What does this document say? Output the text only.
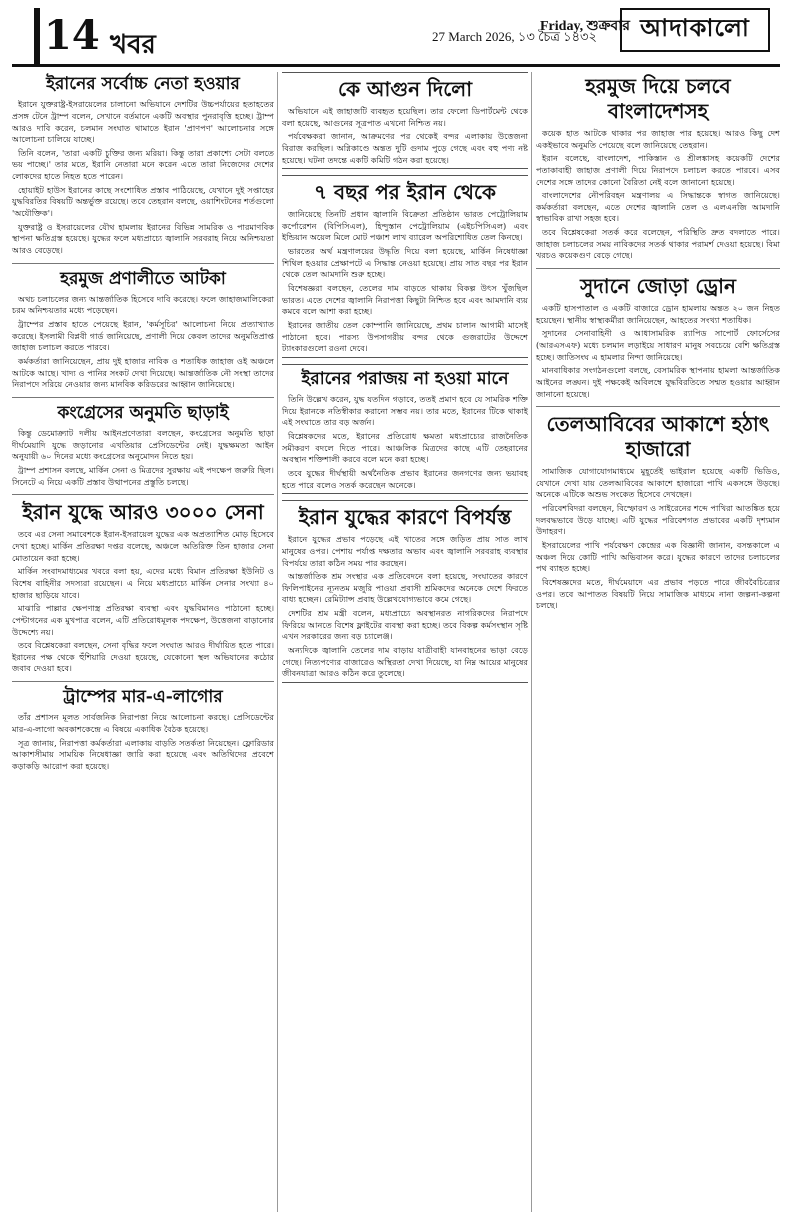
14 খবর	27 March 2026, ১৩ চৈত্র ১৪৩২
Friday, শুক্রবার আদাকালো
ইরানের সর্বোচ্চ নেতা হওয়ার

ইরানে যুক্তরাষ্ট্র-ইসরায়েলের চালানো অভিযানে দেশটির উচ্চপর্যায়ের হতাহতের প্রসঙ্গ টেনে ট্রাম্প বলেন, সেখানে বর্তমানে একটি অবস্থার পুনরাবৃত্তি হচ্ছে। ট্রাম্প আরও দাবি করেন, চলমান সংঘাত থামাতে ইরান 'প্রাণপণ' আলোচনার সঙ্গে আলোচনা চালিয়ে যাচ্ছে।

তিনি বলেন, 'তারা একটি চুক্তির জন্য মরিয়া। কিন্তু তারা প্রকাশ্যে সেটা বলতে ভয় পাচ্ছে।' তার মতে, ইরানি নেতারা মনে করেন এতে তারা নিজেদের দেশের লোকদের হাতে নিহত হতে পারেন।

হোয়াইট হাউস ইরানের কাছে সংশোধিত প্রস্তাব পাঠিয়েছে, যেখানে দুই সপ্তাহের যুদ্ধবিরতির বিষয়টি অন্তর্ভুক্ত রয়েছে। তবে তেহরান বলছে, ওয়াশিংটনের শর্তগুলো 'অযৌক্তিক'।

যুক্তরাষ্ট্র ও ইসরায়েলের যৌথ হামলায় ইরানের বিভিন্ন সামরিক ও পারমাণবিক স্থাপনা ক্ষতিগ্রস্ত হয়েছে। যুদ্ধের ফলে মধ্যপ্রাচ্যে জ্বালানি সরবরাহ নিয়ে অনিশ্চয়তা আরও বেড়েছে।

হরমুজ প্রণালীতে আটকা

অথচ চলাচলের জন্য আন্তর্জাতিক হিসেবে দাবি করেছে। ফলে জাহাজমালিকেরা চরম অনিশ্চয়তার মধ্যে পড়েছেন।

ট্রাম্পের প্রস্তাব হাতে পেয়েছে ইরান, 'কর্মসূচির' আলোচনা নিয়ে প্রত্যাখ্যাত করেছে। ইসলামী বিপ্লবী গার্ড জানিয়েছে, প্রণালী দিয়ে কেবল তাদের অনুমতিপ্রাপ্ত জাহাজ চলাচল করতে পারবে।

কর্মকর্তারা জানিয়েছেন, প্রায় দুই হাজার নাবিক ও শতাধিক জাহাজ ওই অঞ্চলে আটকে আছে। খাদ্য ও পানির সংকট দেখা দিয়েছে। আন্তর্জাতিক নৌ সংস্থা তাদের নিরাপদে সরিয়ে নেওয়ার জন্য মানবিক করিডরের আহ্বান জানিয়েছে।

কংগ্রেসের অনুমতি ছাড়াই

কিন্তু ডেমোক্র্যাট দলীয় আইনপ্রণেতারা বলছেন, কংগ্রেসের অনুমতি ছাড়া দীর্ঘমেয়াদি যুদ্ধে জড়ানোর এখতিয়ার প্রেসিডেন্টের নেই। যুদ্ধক্ষমতা আইন অনুযায়ী ৬০ দিনের মধ্যে কংগ্রেসের অনুমোদন নিতে হয়।

ট্রাম্প প্রশাসন বলছে, মার্কিন সেনা ও মিত্রদের সুরক্ষায় এই পদক্ষেপ জরুরি ছিল। সিনেটে এ নিয়ে একটি প্রস্তাব উত্থাপনের প্রস্তুতি চলছে।

ইরান যুদ্ধে আরও ৩০০০ সেনা

তবে এর সেনা সমাবেশকে ইরান-ইসরায়েল যুদ্ধের এক অপ্রত্যাশিত মোড় হিসেবে দেখা হচ্ছে। মার্কিন প্রতিরক্ষা দপ্তর বলেছে, অঞ্চলে অতিরিক্ত তিন হাজার সেনা মোতায়েন করা হচ্ছে।

মার্কিন সংবাদমাধ্যমের খবরে বলা হয়, এদের মধ্যে বিমান প্রতিরক্ষা ইউনিট ও বিশেষ বাহিনীর সদস্যরা রয়েছেন। এ নিয়ে মধ্যপ্রাচ্যে মার্কিন সেনার সংখ্যা ৪০ হাজার ছাড়িয়ে যাবে।

মাঝারি পাল্লার ক্ষেপণাস্ত্র প্রতিরক্ষা ব্যবস্থা এবং যুদ্ধবিমানও পাঠানো হচ্ছে। পেন্টাগনের এক মুখপাত্র বলেন, এটি প্রতিরোধমূলক পদক্ষেপ, উত্তেজনা বাড়ানোর উদ্দেশ্যে নয়।

তবে বিশ্লেষকেরা বলছেন, সেনা বৃদ্ধির ফলে সংঘাত আরও দীর্ঘায়িত হতে পারে। ইরানের পক্ষ থেকে হুঁশিয়ারি দেওয়া হয়েছে, যেকোনো স্থল অভিযানের কঠোর জবাব দেওয়া হবে।

ট্রাম্পের মার-এ-লাগোর

তাঁর প্রশাসন মূলত সার্বজনিক নিরাপত্তা নিয়ে আলোচনা করছে। প্রেসিডেন্টের মার-এ-লাগো অবকাশকেন্দ্রে এ বিষয়ে একাধিক বৈঠক হয়েছে।

সূত্র জানায়, নিরাপত্তা কর্মকর্তারা এলাকায় বাড়তি সতর্কতা নিয়েছেন। ফ্লোরিডার আকাশসীমায় সাময়িক নিষেধাজ্ঞা জারি করা হয়েছে এবং অতিথিদের প্রবেশে কড়াকড়ি আরোপ করা হয়েছে।

কে আগুন দিলো

অভিযানে এই জাহাজটি ব্যবহৃত হয়েছিল। তার ফেলো ডিপার্টমেন্ট থেকে বলা হয়েছে, আগুনের সূত্রপাত এখনো নিশ্চিত নয়।

পর্যবেক্ষকরা জানান, আক্রমণের পর থেকেই বন্দর এলাকায় উত্তেজনা বিরাজ করছিল। অগ্নিকাণ্ডে অন্তত দুটি গুদাম পুড়ে গেছে এবং বহু পণ্য নষ্ট হয়েছে। ঘটনা তদন্তে একটি কমিটি গঠন করা হয়েছে।

৭ বছর পর ইরান থেকে

জানিয়েছে তিনটি প্রধান জ্বালানি বিক্রেতা প্রতিষ্ঠান ভারত পেট্রোলিয়াম কর্পোরেশন (বিপিসিএল), হিন্দুস্তান পেট্রোলিয়াম (এইচপিসিএল) এবং ইন্ডিয়ান অয়েল মিলে মোট পঞ্চাশ লাখ ব্যারেল অপরিশোধিত তেল কিনছে।

ভারতের অর্থ মন্ত্রণালয়ের উদ্ধৃতি দিয়ে বলা হয়েছে, মার্কিন নিষেধাজ্ঞা শিথিল হওয়ার প্রেক্ষাপটে এ সিদ্ধান্ত নেওয়া হয়েছে। প্রায় সাত বছর পর ইরান থেকে তেল আমদানি শুরু হচ্ছে।

বিশেষজ্ঞরা বলছেন, তেলের দাম বাড়তে থাকায় বিকল্প উৎস খুঁজছিল ভারত। এতে দেশের জ্বালানি নিরাপত্তা কিছুটা নিশ্চিত হবে এবং আমদানি ব্যয় কমবে বলে আশা করা হচ্ছে।

ইরানের জাতীয় তেল কোম্পানি জানিয়েছে, প্রথম চালান আগামী মাসেই পাঠানো হবে। পারস্য উপসাগরীয় বন্দর থেকে গুজরাটের উদ্দেশে ট্যাংকারগুলো রওনা দেবে।

ইরানের পরাজয় না হওয়া মানে

তিনি উল্লেখ করেন, যুদ্ধ যতদিন গড়াবে, ততই প্রমাণ হবে যে সামরিক শক্তি দিয়ে ইরানকে নতিস্বীকার করানো সম্ভব নয়। তার মতে, ইরানের টিকে থাকাই এই সংঘাতে তার বড় অর্জন।

বিশ্লেষকদের মতে, ইরানের প্রতিরোধ ক্ষমতা মধ্যপ্রাচ্যের রাজনৈতিক সমীকরণ বদলে দিতে পারে। আঞ্চলিক মিত্রদের কাছে এটি তেহরানের অবস্থান শক্তিশালী করবে বলে মনে করা হচ্ছে।

তবে যুদ্ধের দীর্ঘস্থায়ী অর্থনৈতিক প্রভাব ইরানের জনগণের জন্য ভয়াবহ হতে পারে বলেও সতর্ক করেছেন অনেকে।

ইরান যুদ্ধের কারণে বিপর্যস্ত

ইরানে যুদ্ধের প্রভাব পড়েছে এই খাতের সঙ্গে জড়িত প্রায় সাত লাখ মানুষের ওপর। পেশায় পর্যাপ্ত দক্ষতার অভাব এবং জ্বালানি সরবরাহ ব্যবস্থার বিপর্যয়ে তারা কঠিন সময় পার করছেন।

আন্তর্জাতিক শ্রম সংস্থার এক প্রতিবেদনে বলা হয়েছে, সংঘাতের কারণে ফিলিপাইনের ন্যূনতম মজুরি পাওয়া প্রবাসী শ্রমিকদের অনেকে দেশে ফিরতে বাধ্য হচ্ছেন। রেমিট্যান্স প্রবাহ উল্লেখযোগ্যভাবে কমে গেছে।

দেশটির শ্রম মন্ত্রী বলেন, মধ্যপ্রাচ্যে অবস্থানরত নাগরিকদের নিরাপদে ফিরিয়ে আনতে বিশেষ ফ্লাইটের ব্যবস্থা করা হচ্ছে। তবে বিকল্প কর্মসংস্থান সৃষ্টি এখন সরকারের জন্য বড় চ্যালেঞ্জ।

অন্যদিকে জ্বালানি তেলের দাম বাড়ায় যাত্রীবাহী যানবাহনের ভাড়া বেড়ে গেছে। নিত্যপণ্যের বাজারেও অস্থিরতা দেখা দিয়েছে, যা নিম্ন আয়ের মানুষের জীবনযাত্রা আরও কঠিন করে তুলেছে।

হরমুজ দিয়ে চলবে বাংলাদেশসহ

কয়েক হাত আটকে থাকার পর জাহাজ পার হয়েছে। আরও কিছু দেশ একইভাবে অনুমতি পেয়েছে বলে জানিয়েছে তেহরান।

ইরান বলেছে, বাংলাদেশ, পাকিস্তান ও শ্রীলঙ্কাসহ কয়েকটি দেশের পতাকাবাহী জাহাজ প্রণালী দিয়ে নিরাপদে চলাচল করতে পারবে। এসব দেশের সঙ্গে তাদের কোনো বৈরিতা নেই বলে জানানো হয়েছে।

বাংলাদেশের নৌপরিবহন মন্ত্রণালয় এ সিদ্ধান্তকে স্বাগত জানিয়েছে। কর্মকর্তারা বলছেন, এতে দেশের জ্বালানি তেল ও এলএনজি আমদানি স্বাভাবিক রাখা সহজ হবে।

তবে বিশ্লেষকেরা সতর্ক করে বলেছেন, পরিস্থিতি দ্রুত বদলাতে পারে। জাহাজ চলাচলের সময় নাবিকদের সতর্ক থাকার পরামর্শ দেওয়া হয়েছে। বিমা খরচও কয়েকগুণ বেড়ে গেছে।

সুদানে জোড়া ড্রোন

একটি হাসপাতাল ও একটি বাজারে ড্রোন হামলায় অন্তত ২০ জন নিহত হয়েছেন। স্থানীয় স্বাস্থ্যকর্মীরা জানিয়েছেন, আহতের সংখ্যা শতাধিক।

সুদানের সেনাবাহিনী ও আধাসামরিক র‍্যাপিড সাপোর্ট ফোর্সেসের (আরএসএফ) মধ্যে চলমান লড়াইয়ে সাধারণ মানুষ সবচেয়ে বেশি ক্ষতিগ্রস্ত হচ্ছে। জাতিসংঘ এ হামলার নিন্দা জানিয়েছে।

মানবাধিকার সংগঠনগুলো বলছে, বেসামরিক স্থাপনায় হামলা আন্তর্জাতিক আইনের লঙ্ঘন। দুই পক্ষকেই অবিলম্বে যুদ্ধবিরতিতে সম্মত হওয়ার আহ্বান জানানো হয়েছে।

তেলআবিবের আকাশে হঠাৎ হাজারো

সামাজিক যোগাযোগমাধ্যমে মুহূর্তেই ভাইরাল হয়েছে একটি ভিডিও, যেখানে দেখা যায় তেলআবিবের আকাশে হাজারো পাখি একসঙ্গে উড়ছে। অনেকে এটিকে অশুভ সংকেত হিসেবে দেখছেন।

পরিবেশবিদরা বলছেন, বিস্ফোরণ ও সাইরেনের শব্দে পাখিরা আতঙ্কিত হয়ে দলবদ্ধভাবে উড়ে যাচ্ছে। এটি যুদ্ধের পরিবেশগত প্রভাবের একটি দৃশ্যমান উদাহরণ।

ইসরায়েলের পাখি পর্যবেক্ষণ কেন্দ্রের এক বিজ্ঞানী জানান, বসন্তকালে এ অঞ্চল দিয়ে কোটি পাখি অভিবাসন করে। যুদ্ধের কারণে তাদের চলাচলের পথ ব্যাহত হচ্ছে।

বিশেষজ্ঞদের মতে, দীর্ঘমেয়াদে এর প্রভাব পড়তে পারে জীববৈচিত্র্যের ওপর। তবে আপাতত বিষয়টি নিয়ে সামাজিক মাধ্যমে নানা জল্পনা-কল্পনা চলছে।
